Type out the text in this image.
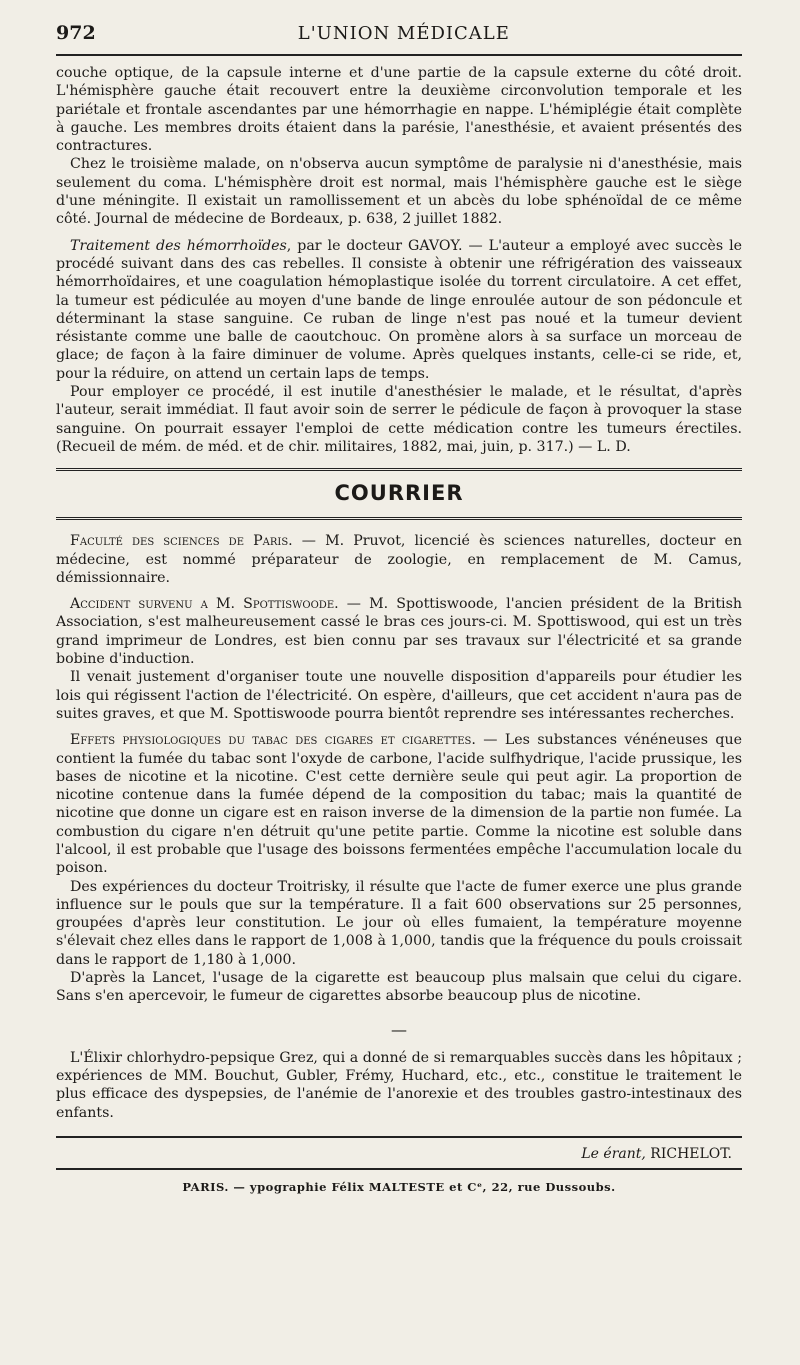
972	L'UNION MÉDICALE

couche optique, de la capsule interne et d'une partie de la capsule externe du côté droit. L'hémisphère gauche était recouvert entre la deuxième circonvolution temporale et les pariétale et frontale ascendantes par une hémorrhagie en nappe. L'hémiplégie était complète à gauche. Les membres droits étaient dans la parésie, l'anesthésie, et avaient présentés des contractures.

Chez le troisième malade, on n'observa aucun symptôme de paralysie ni d'anesthésie, mais seulement du coma. L'hémisphère droit est normal, mais l'hémisphère gauche est le siège d'une méningite. Il existait un ramollissement et un abcès du lobe sphénoïdal de ce même côté. Journal de médecine de Bordeaux, p. 638, 2 juillet 1882.

Traitement des hémorrhoïdes, par le docteur GAVOY. — L'auteur a employé avec succès le procédé suivant dans des cas rebelles. Il consiste à obtenir une réfrigération des vaisseaux hémorrhoïdaires, et une coagulation hémoplastique isolée du torrent circulatoire. A cet effet, la tumeur est pédiculée au moyen d'une bande de linge enroulée autour de son pédoncule et déterminant la stase sanguine. Ce ruban de linge n'est pas noué et la tumeur devient résistante comme une balle de caoutchouc. On promène alors à sa surface un morceau de glace; de façon à la faire diminuer de volume. Après quelques instants, celle-ci se ride, et, pour la réduire, on attend un certain laps de temps.

Pour employer ce procédé, il est inutile d'anesthésier le malade, et le résultat, d'après l'auteur, serait immédiat. Il faut avoir soin de serrer le pédicule de façon à provoquer la stase sanguine. On pourrait essayer l'emploi de cette médication contre les tumeurs érectiles. (Recueil de mém. de méd. et de chir. militaires, 1882, mai, juin, p. 317.) — L. D.

COURRIER

Faculté des sciences de Paris. — M. Pruvot, licencié ès sciences naturelles, docteur en médecine, est nommé préparateur de zoologie, en remplacement de M. Camus, démissionnaire.

Accident survenu a M. Spottiswoode. — M. Spottiswoode, l'ancien président de la British Association, s'est malheureusement cassé le bras ces jours-ci. M. Spottiswood, qui est un très grand imprimeur de Londres, est bien connu par ses travaux sur l'électricité et sa grande bobine d'induction.

Il venait justement d'organiser toute une nouvelle disposition d'appareils pour étudier les lois qui régissent l'action de l'électricité. On espère, d'ailleurs, que cet accident n'aura pas de suites graves, et que M. Spottiswoode pourra bientôt reprendre ses intéressantes recherches.

Effets physiologiques du tabac des cigares et cigarettes. — Les substances vénéneuses que contient la fumée du tabac sont l'oxyde de carbone, l'acide sulfhydrique, l'acide prussique, les bases de nicotine et la nicotine. C'est cette dernière seule qui peut agir. La proportion de nicotine contenue dans la fumée dépend de la composition du tabac; mais la quantité de nicotine que donne un cigare est en raison inverse de la dimension de la partie non fumée. La combustion du cigare n'en détruit qu'une petite partie. Comme la nicotine est soluble dans l'alcool, il est probable que l'usage des boissons fermentées empêche l'accumulation locale du poison.

Des expériences du docteur Troitrisky, il résulte que l'acte de fumer exerce une plus grande influence sur le pouls que sur la température. Il a fait 600 observations sur 25 personnes, groupées d'après leur constitution. Le jour où elles fumaient, la température moyenne s'élevait chez elles dans le rapport de 1,008 à 1,000, tandis que la fréquence du pouls croissait dans le rapport de 1,180 à 1,000.

D'après la Lancet, l'usage de la cigarette est beaucoup plus malsain que celui du cigare. Sans s'en apercevoir, le fumeur de cigarettes absorbe beaucoup plus de nicotine.

—

L'Élixir chlorhydro-pepsique Grez, qui a donné de si remarquables succès dans les hôpitaux ; expériences de MM. Bouchut, Gubler, Frémy, Huchard, etc., etc., constitue le traitement le plus efficace des dyspepsies, de l'anémie de l'anorexie et des troubles gastro-intestinaux des enfants.

Le érant, RICHELOT.
PARIS. — ypographie Félix MALTESTE et Cᵉ, 22, rue Dussoubs.
